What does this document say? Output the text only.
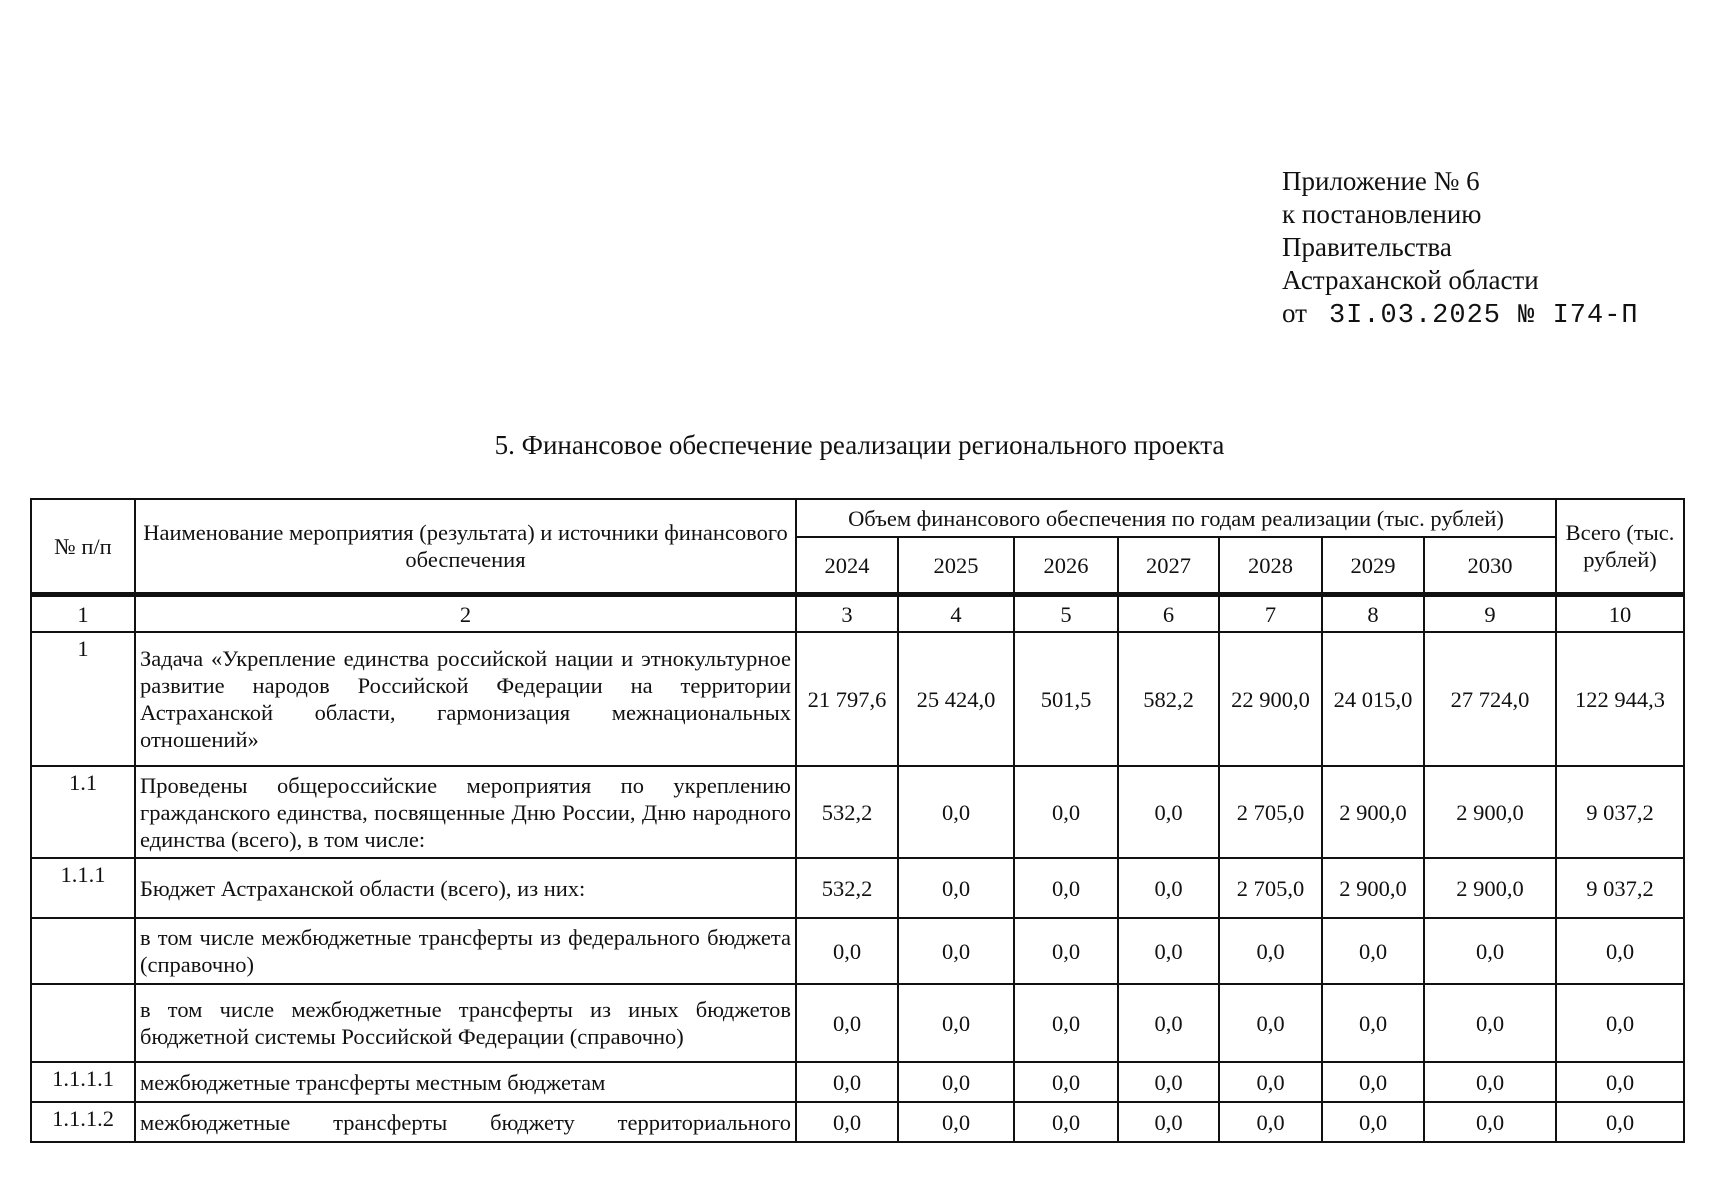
Приложение № 6
к постановлению
Правительства
Астраханской области
от 3I.03.2025 № I74-П
5. Финансовое обеспечение реализации регионального проекта
№ п/п	Наименование мероприятия (результата) и источники финансового обеспечения	Объем финансового обеспечения по годам реализации (тыс. рублей)							Всего (тыс. рублей)
		2024	2025	2026	2027	2028	2029	2030	
1	2	3	4	5	6	7	8	9	10
1	Задача «Укрепление единства российской нации и этнокультурное развитие народов Российской Федерации на территории Астраханской области, гармонизация межнациональных отношений»	21 797,6	25 424,0	501,5	582,2	22 900,0	24 015,0	27 724,0	122 944,3
1.1	Проведены общероссийские мероприятия по укреплению гражданского единства, посвященные Дню России, Дню народного единства (всего), в том числе:	532,2	0,0	0,0	0,0	2 705,0	2 900,0	2 900,0	9 037,2
1.1.1	Бюджет Астраханской области (всего), из них:	532,2	0,0	0,0	0,0	2 705,0	2 900,0	2 900,0	9 037,2
	в том числе межбюджетные трансферты из федерального бюджета (справочно)	0,0	0,0	0,0	0,0	0,0	0,0	0,0	0,0
	в том числе межбюджетные трансферты из иных бюджетов бюджетной системы Российской Федерации (справочно)	0,0	0,0	0,0	0,0	0,0	0,0	0,0	0,0
1.1.1.1	межбюджетные трансферты местным бюджетам	0,0	0,0	0,0	0,0	0,0	0,0	0,0	0,0
1.1.1.2	межбюджетные трансферты бюджету территориального	0,0	0,0	0,0	0,0	0,0	0,0	0,0	0,0
